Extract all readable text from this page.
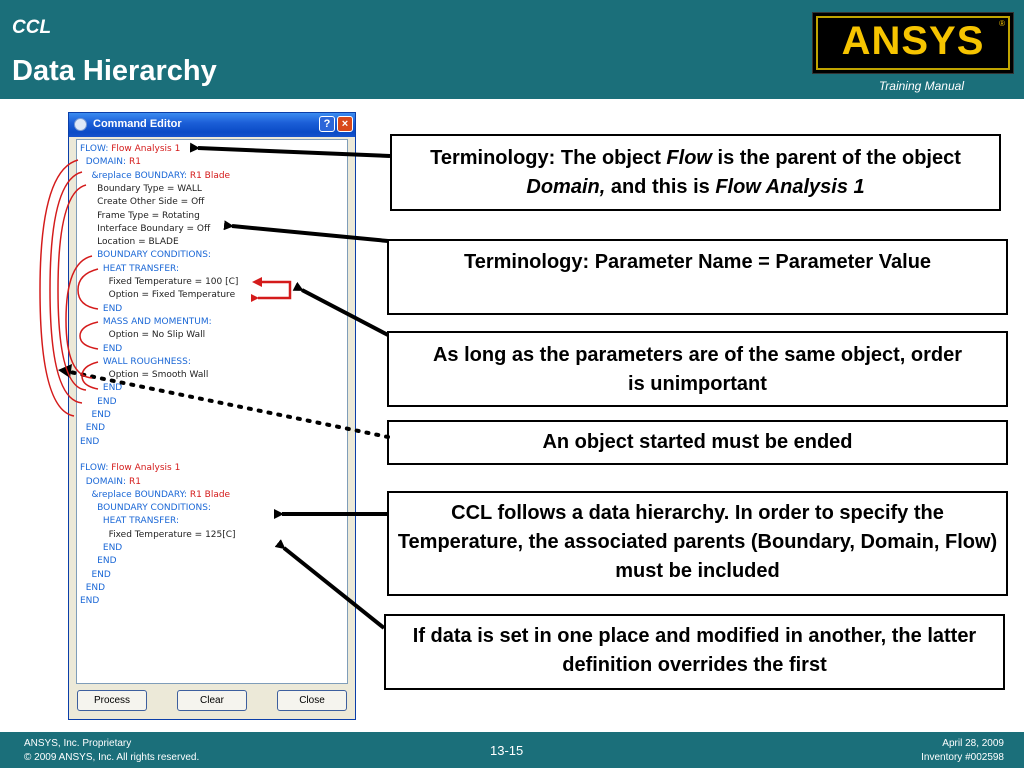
CCL
Data Hierarchy
ANSYS	®
Training Manual
Command Editor	?	×
FLOW: Flow Analysis 1
DOMAIN: R1
&replace BOUNDARY: R1 Blade
Boundary Type = WALL
Create Other Side = Off
Frame Type = Rotating
Interface Boundary = Off
Location = BLADE
BOUNDARY CONDITIONS:
HEAT TRANSFER:
Fixed Temperature = 100 [C]
Option = Fixed Temperature
END
MASS AND MOMENTUM:
Option = No Slip Wall
END
WALL ROUGHNESS:
Option = Smooth Wall
END
END
END
END
END
FLOW: Flow Analysis 1
DOMAIN: R1
&replace BOUNDARY: R1 Blade
BOUNDARY CONDITIONS:
HEAT TRANSFER:
Fixed Temperature = 125[C]
END
END
END
END
END
Process	Clear	Close
Terminology: The object Flow is the parent of the object Domain, and this is Flow Analysis 1
Terminology: Parameter Name = Parameter Value
As long as the parameters are of the same object, order is unimportant
An object started must be ended
CCL follows a data hierarchy. In order to specify the Temperature, the associated parents (Boundary, Domain, Flow) must be included
If data is set in one place and modified in another, the latter definition overrides the first
ANSYS, Inc. Proprietary
© 2009 ANSYS, Inc. All rights reserved.	13-15	April 28, 2009
Inventory #002598
